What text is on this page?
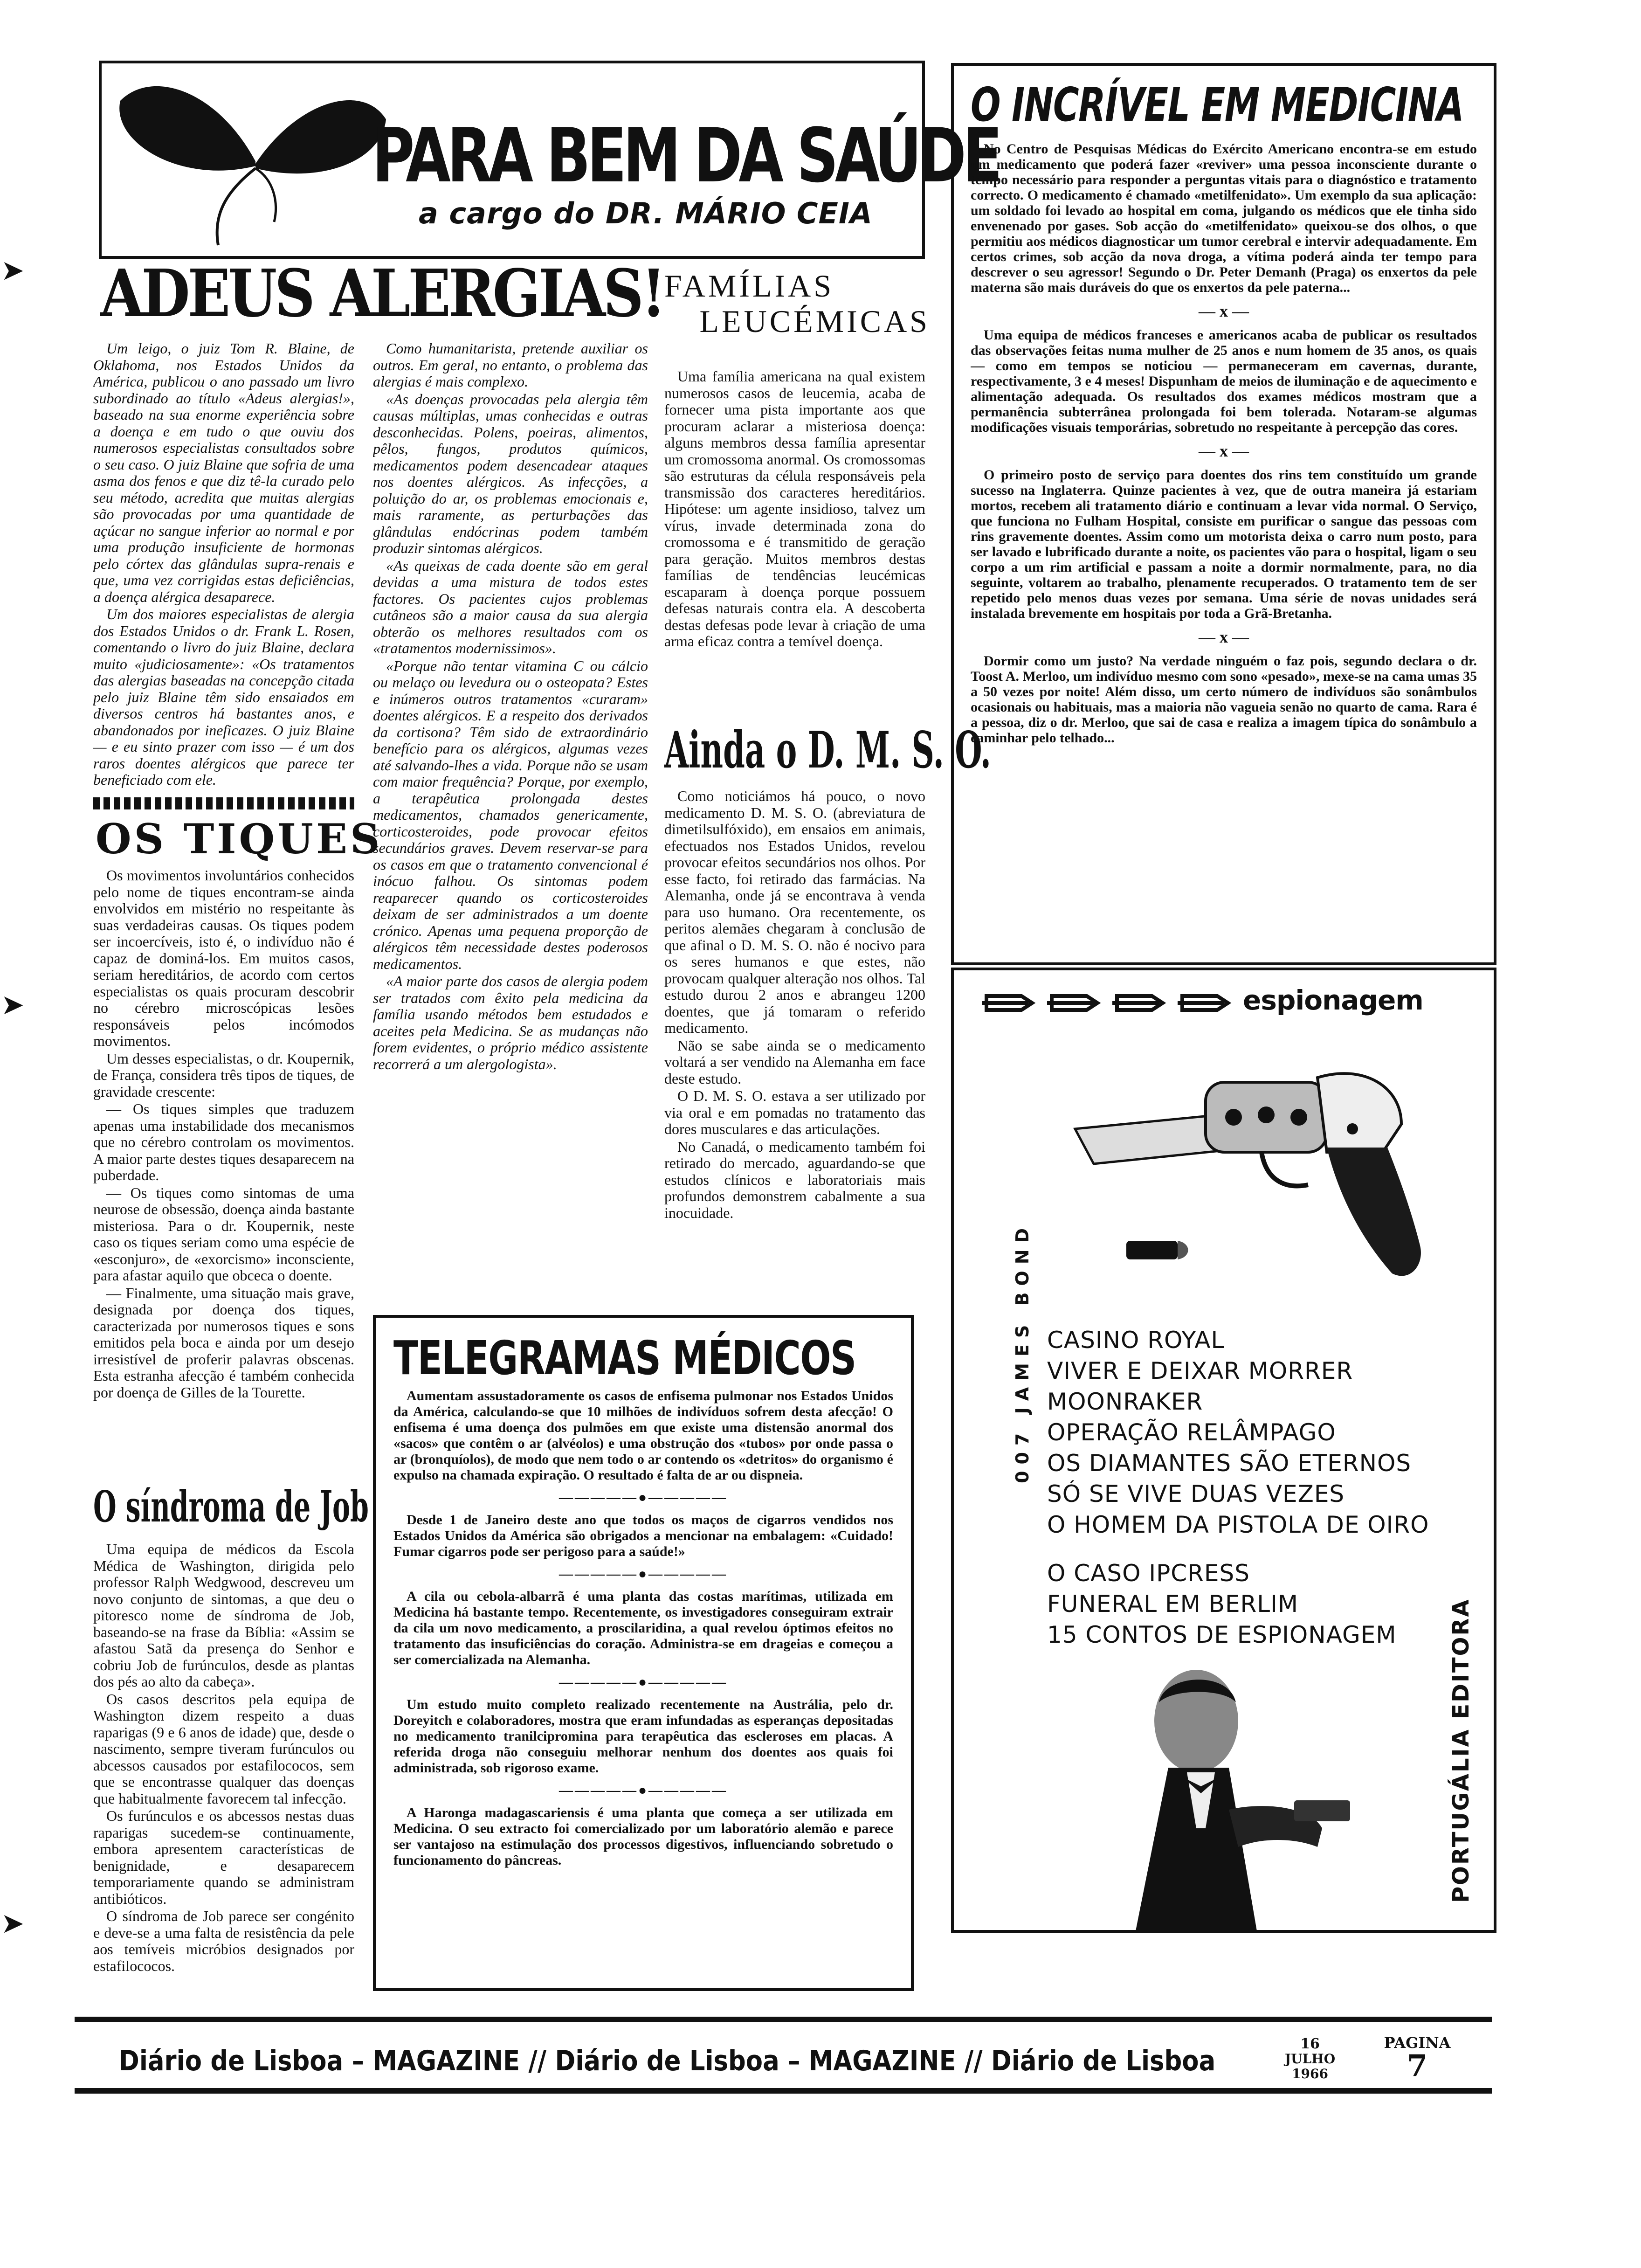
PARA BEM DA SAÚDE
a cargo do DR. MÁRIO CEIA
ADEUS ALERGIAS!

Um leigo, o juiz Tom R. Blaine, de Oklahoma, nos Estados Unidos da América, publicou o ano passado um livro subordinado ao título «Adeus alergias!», baseado na sua enorme experiência sobre a doença e em tudo o que ouviu dos numerosos especialistas consultados sobre o seu caso. O juiz Blaine que sofria de uma asma dos fenos e que diz tê-la curado pelo seu método, acredita que muitas alergias são provocadas por uma quantidade de açúcar no sangue inferior ao normal e por uma produção insuficiente de hormonas pelo córtex das glândulas supra-renais e que, uma vez corrigidas estas deficiências, a doença alérgica desaparece.

Um dos maiores especialistas de alergia dos Estados Unidos o dr. Frank L. Rosen, comentando o livro do juiz Blaine, declara muito «judiciosamente»: «Os tratamentos das alergias baseadas na concepção citada pelo juiz Blaine têm sido ensaiados em diversos centros há bastantes anos, e abandonados por ineficazes. O juiz Blaine — e eu sinto prazer com isso — é um dos raros doentes alérgicos que parece ter beneficiado com ele.

Como humanitarista, pretende auxiliar os outros. Em geral, no entanto, o problema das alergias é mais complexo.

«As doenças provocadas pela alergia têm causas múltiplas, umas conhecidas e outras desconhecidas. Polens, poeiras, alimentos, pêlos, fungos, produtos químicos, medicamentos podem desencadear ataques nos doentes alérgicos. As infecções, a poluição do ar, os problemas emocionais e, mais raramente, as perturbações das glândulas endócrinas podem também produzir sintomas alérgicos.

«As queixas de cada doente são em geral devidas a uma mistura de todos estes factores. Os pacientes cujos problemas cutâneos são a maior causa da sua alergia obterão os melhores resultados com os «tratamentos modernissimos».

«Porque não tentar vitamina C ou cálcio ou melaço ou levedura ou o osteopata? Estes e inúmeros outros tratamentos «curaram» doentes alérgicos. E a respeito dos derivados da cortisona? Têm sido de extraordinário benefício para os alérgicos, algumas vezes até salvando-lhes a vida. Porque não se usam com maior frequência? Porque, por exemplo, a terapêutica prolongada destes medicamentos, chamados genericamente, corticosteroides, pode provocar efeitos secundários graves. Devem reservar-se para os casos em que o tratamento convencional é inócuo falhou. Os sintomas podem reaparecer quando os corticosteroides deixam de ser administrados a um doente crónico. Apenas uma pequena proporção de alérgicos têm necessidade destes poderosos medicamentos.

«A maior parte dos casos de alergia podem ser tratados com êxito pela medicina da família usando métodos bem estudados e aceites pela Medicina. Se as mudanças não forem evidentes, o próprio médico assistente recorrerá a um alergologista».

OS TIQUES

Os movimentos involuntários conhecidos pelo nome de tiques encontram-se ainda envolvidos em mistério no respeitante às suas verdadeiras causas. Os tiques podem ser incoercíveis, isto é, o indivíduo não é capaz de dominá-los. Em muitos casos, seriam hereditários, de acordo com certos especialistas os quais procuram descobrir no cérebro microscópicas lesões responsáveis pelos incómodos movimentos.

Um desses especialistas, o dr. Koupernik, de França, considera três tipos de tiques, de gravidade crescente:

— Os tiques simples que traduzem apenas uma instabilidade dos mecanismos que no cérebro controlam os movimentos. A maior parte destes tiques desaparecem na puberdade.

— Os tiques como sintomas de uma neurose de obsessão, doença ainda bastante misteriosa. Para o dr. Koupernik, neste caso os tiques seriam como uma espécie de «esconjuro», de «exorcismo» inconsciente, para afastar aquilo que obceca o doente.

— Finalmente, uma situação mais grave, designada por doença dos tiques, caracterizada por numerosos tiques e sons emitidos pela boca e ainda por um desejo irresistível de proferir palavras obscenas. Esta estranha afecção é também conhecida por doença de Gilles de la Tourette.

O síndroma de Job

Uma equipa de médicos da Escola Médica de Washington, dirigida pelo professor Ralph Wedgwood, descreveu um novo conjunto de sintomas, a que deu o pitoresco nome de síndroma de Job, baseando-se na frase da Bíblia: «Assim se afastou Satã da presença do Senhor e cobriu Job de furúnculos, desde as plantas dos pés ao alto da cabeça».

Os casos descritos pela equipa de Washington dizem respeito a duas raparigas (9 e 6 anos de idade) que, desde o nascimento, sempre tiveram furúnculos ou abcessos causados por estafilococos, sem que se encontrasse qualquer das doenças que habitualmente favorecem tal infecção.

Os furúnculos e os abcessos nestas duas raparigas sucedem-se continuamente, embora apresentem características de benignidade, e desaparecem temporariamente quando se administram antibióticos.

O síndroma de Job parece ser congénito e deve-se a uma falta de resistência da pele aos temíveis micróbios designados por estafilococos.

FAMÍLIAS
LEUCÉMICAS

Uma família americana na qual existem numerosos casos de leucemia, acaba de fornecer uma pista importante aos que procuram aclarar a misteriosa doença: alguns membros dessa família apresentar um cromossoma anormal. Os cromossomas são estruturas da célula responsáveis pela transmissão dos caracteres hereditários. Hipótese: um agente insidioso, talvez um vírus, invade determinada zona do cromossoma e é transmitido de geração para geração. Muitos membros destas famílias de tendências leucémicas escaparam à doença porque possuem defesas naturais contra ela. A descoberta destas defesas pode levar à criação de uma arma eficaz contra a temível doença.

Ainda o D. M. S. O.

Como noticiámos há pouco, o novo medicamento D. M. S. O. (abreviatura de dimetilsulfóxido), em ensaios em animais, efectuados nos Estados Unidos, revelou provocar efeitos secundários nos olhos. Por esse facto, foi retirado das farmácias. Na Alemanha, onde já se encontrava à venda para uso humano. Ora recentemente, os peritos alemães chegaram à conclusão de que afinal o D. M. S. O. não é nocivo para os seres humanos e que estes, não provocam qualquer alteração nos olhos. Tal estudo durou 2 anos e abrangeu 1200 doentes, que já tomaram o referido medicamento.

Não se sabe ainda se o medicamento voltará a ser vendido na Alemanha em face deste estudo.

O D. M. S. O. estava a ser utilizado por via oral e em pomadas no tratamento das dores musculares e das articulações.

No Canadá, o medicamento também foi retirado do mercado, aguardando-se que estudos clínicos e laboratoriais mais profundos demonstrem cabalmente a sua inocuidade.

TELEGRAMAS MÉDICOS

Aumentam assustadoramente os casos de enfisema pulmonar nos Estados Unidos da América, calculando-se que 10 milhões de indivíduos sofrem desta afecção! O enfisema é uma doença dos pulmões em que existe uma distensão anormal dos «sacos» que contêm o ar (alvéolos) e uma obstrução dos «tubos» por onde passa o ar (bronquíolos), de modo que nem todo o ar contendo os «detritos» do organismo é expulso na chamada expiração. O resultado é falta de ar ou dispneia.

—————●—————

Desde 1 de Janeiro deste ano que todos os maços de cigarros vendidos nos Estados Unidos da América são obrigados a mencionar na embalagem: «Cuidado! Fumar cigarros pode ser perigoso para a saúde!»

—————●—————

A cila ou cebola-albarrã é uma planta das costas marítimas, utilizada em Medicina há bastante tempo. Recentemente, os investigadores conseguiram extrair da cila um novo medicamento, a proscilaridina, a qual revelou óptimos efeitos no tratamento das insuficiências do coração. Administra-se em drageias e começou a ser comercializada na Alemanha.

—————●—————

Um estudo muito completo realizado recentemente na Austrália, pelo dr. Doreyitch e colaboradores, mostra que eram infundadas as esperanças depositadas no medicamento tranilcipromina para terapêutica das escleroses em placas. A referida droga não conseguiu melhorar nenhum dos doentes aos quais foi administrada, sob rigoroso exame.

—————●—————

A Haronga madagascariensis é uma planta que começa a ser utilizada em Medicina. O seu extracto foi comercializado por um laboratório alemão e parece ser vantajoso na estimulação dos processos digestivos, influenciando sobretudo o funcionamento do pâncreas.

O INCRÍVEL EM MEDICINA

No Centro de Pesquisas Médicas do Exército Americano encontra-se em estudo um medicamento que poderá fazer «reviver» uma pessoa inconsciente durante o tempo necessário para responder a perguntas vitais para o diagnóstico e tratamento correcto. O medicamento é chamado «metilfenidato». Um exemplo da sua aplicação: um soldado foi levado ao hospital em coma, julgando os médicos que ele tinha sido envenenado por gases. Sob acção do «metilfenidato» queixou-se dos olhos, o que permitiu aos médicos diagnosticar um tumor cerebral e intervir adequadamente. Em certos crimes, sob acção da nova droga, a vítima poderá ainda ter tempo para descrever o seu agressor! Segundo o Dr. Peter Demanh (Praga) os enxertos da pele materna são mais duráveis do que os enxertos da pele paterna...

— x —

Uma equipa de médicos franceses e americanos acaba de publicar os resultados das observações feitas numa mulher de 25 anos e num homem de 35 anos, os quais — como em tempos se noticiou — permaneceram em cavernas, durante, respectivamente, 3 e 4 meses! Dispunham de meios de iluminação e de aquecimento e alimentação adequada. Os resultados dos exames médicos mostram que a permanência subterrânea prolongada foi bem tolerada. Notaram-se algumas modificações visuais temporárias, sobretudo no respeitante à percepção das cores.

— x —

O primeiro posto de serviço para doentes dos rins tem constituído um grande sucesso na Inglaterra. Quinze pacientes à vez, que de outra maneira já estariam mortos, recebem ali tratamento diário e continuam a levar vida normal. O Serviço, que funciona no Fulham Hospital, consiste em purificar o sangue das pessoas com rins gravemente doentes. Assim como um motorista deixa o carro num posto, para ser lavado e lubrificado durante a noite, os pacientes vão para o hospital, ligam o seu corpo a um rim artificial e passam a noite a dormir normalmente, para, no dia seguinte, voltarem ao trabalho, plenamente recuperados. O tratamento tem de ser repetido pelo menos duas vezes por semana. Uma série de novas unidades será instalada brevemente em hospitais por toda a Grã-Bretanha.

— x —

Dormir como um justo? Na verdade ninguém o faz pois, segundo declara o dr. Toost A. Merloo, um indivíduo mesmo com sono «pesado», mexe-se na cama umas 35 a 50 vezes por noite! Além disso, um certo número de indivíduos são sonâmbulos ocasionais ou habituais, mas a maioria não vagueia senão no quarto de cama. Rara é a pessoa, diz o dr. Merloo, que sai de casa e realiza a imagem típica do sonâmbulo a caminhar pelo telhado...

espionagem
007 JAMES BOND CASINO ROYAL
VIVER E DEIXAR MORRER
MOONRAKER
OPERAÇÃO RELÂMPAGO
OS DIAMANTES SÃO ETERNOS
SÓ SE VIVE DUAS VEZES
O HOMEM DA PISTOLA DE OIRO
O CASO IPCRESS
FUNERAL EM BERLIM
15 CONTOS DE ESPIONAGEM	PORTUGÁLIA EDITORA
Diário de Lisboa – MAGAZINE // Diário de Lisboa – MAGAZINE // Diário de Lisboa
16
JULHO
1966
PAGINA
7
➤
➤
➤
